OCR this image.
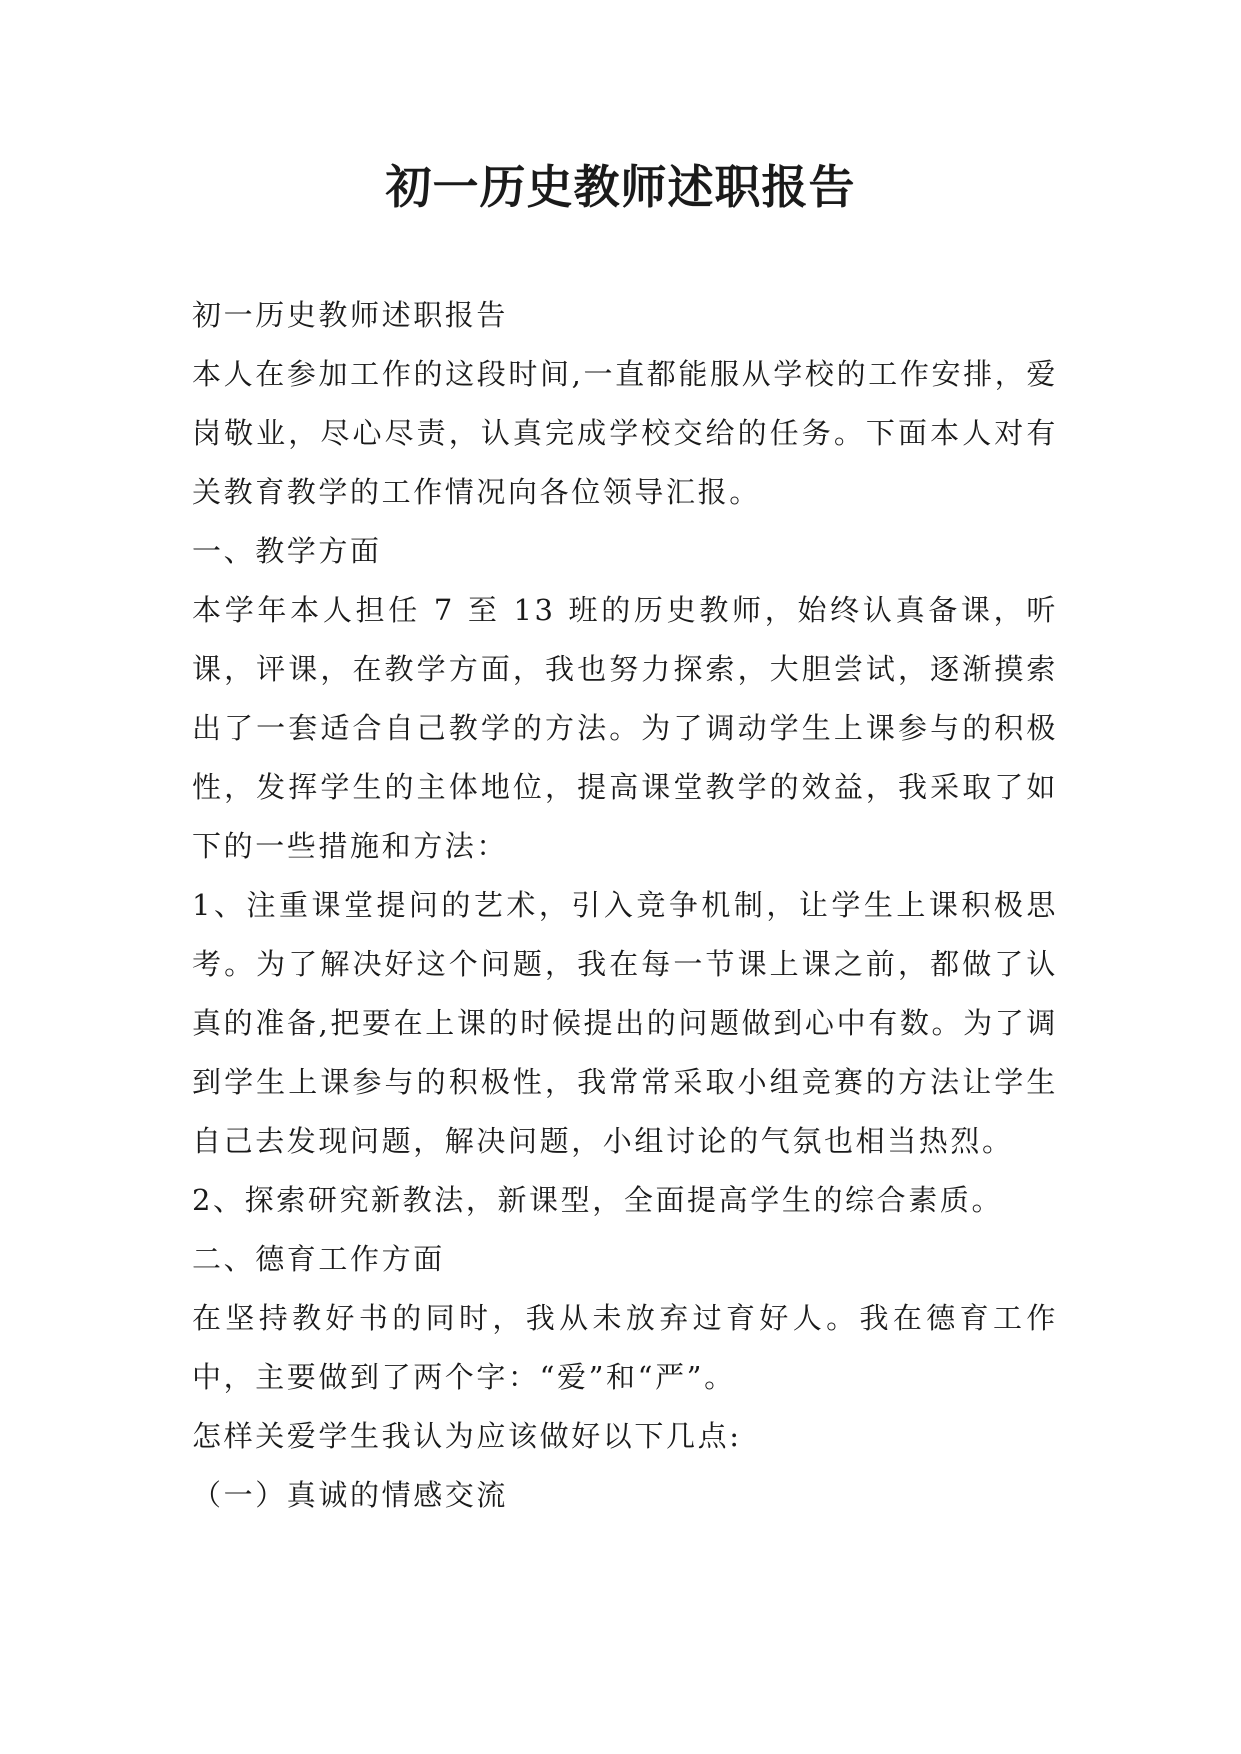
初一历史教师述职报告

初一历史教师述职报告

本人在参加工作的这段时间,一直都能服从学校的工作安排，爱岗敬业，尽心尽责，认真完成学校交给的任务。下面本人对有关教育教学的工作情况向各位领导汇报。

一、教学方面

本学年本人担任 7 至 13 班的历史教师，始终认真备课，听课，评课，在教学方面，我也努力探索，大胆尝试，逐渐摸索出了一套适合自己教学的方法。为了调动学生上课参与的积极性，发挥学生的主体地位，提高课堂教学的效益，我采取了如下的一些措施和方法：

1、注重课堂提问的艺术，引入竞争机制，让学生上课积极思考。为了解决好这个问题，我在每一节课上课之前，都做了认真的准备,把要在上课的时候提出的问题做到心中有数。为了调到学生上课参与的积极性，我常常采取小组竞赛的方法让学生自己去发现问题，解决问题，小组讨论的气氛也相当热烈。

2、探索研究新教法，新课型，全面提高学生的综合素质。

二、德育工作方面

在坚持教好书的同时，我从未放弃过育好人。我在德育工作中，主要做到了两个字：“爱”和“严”。

怎样关爱学生我认为应该做好以下几点:

（一）真诚的情感交流
